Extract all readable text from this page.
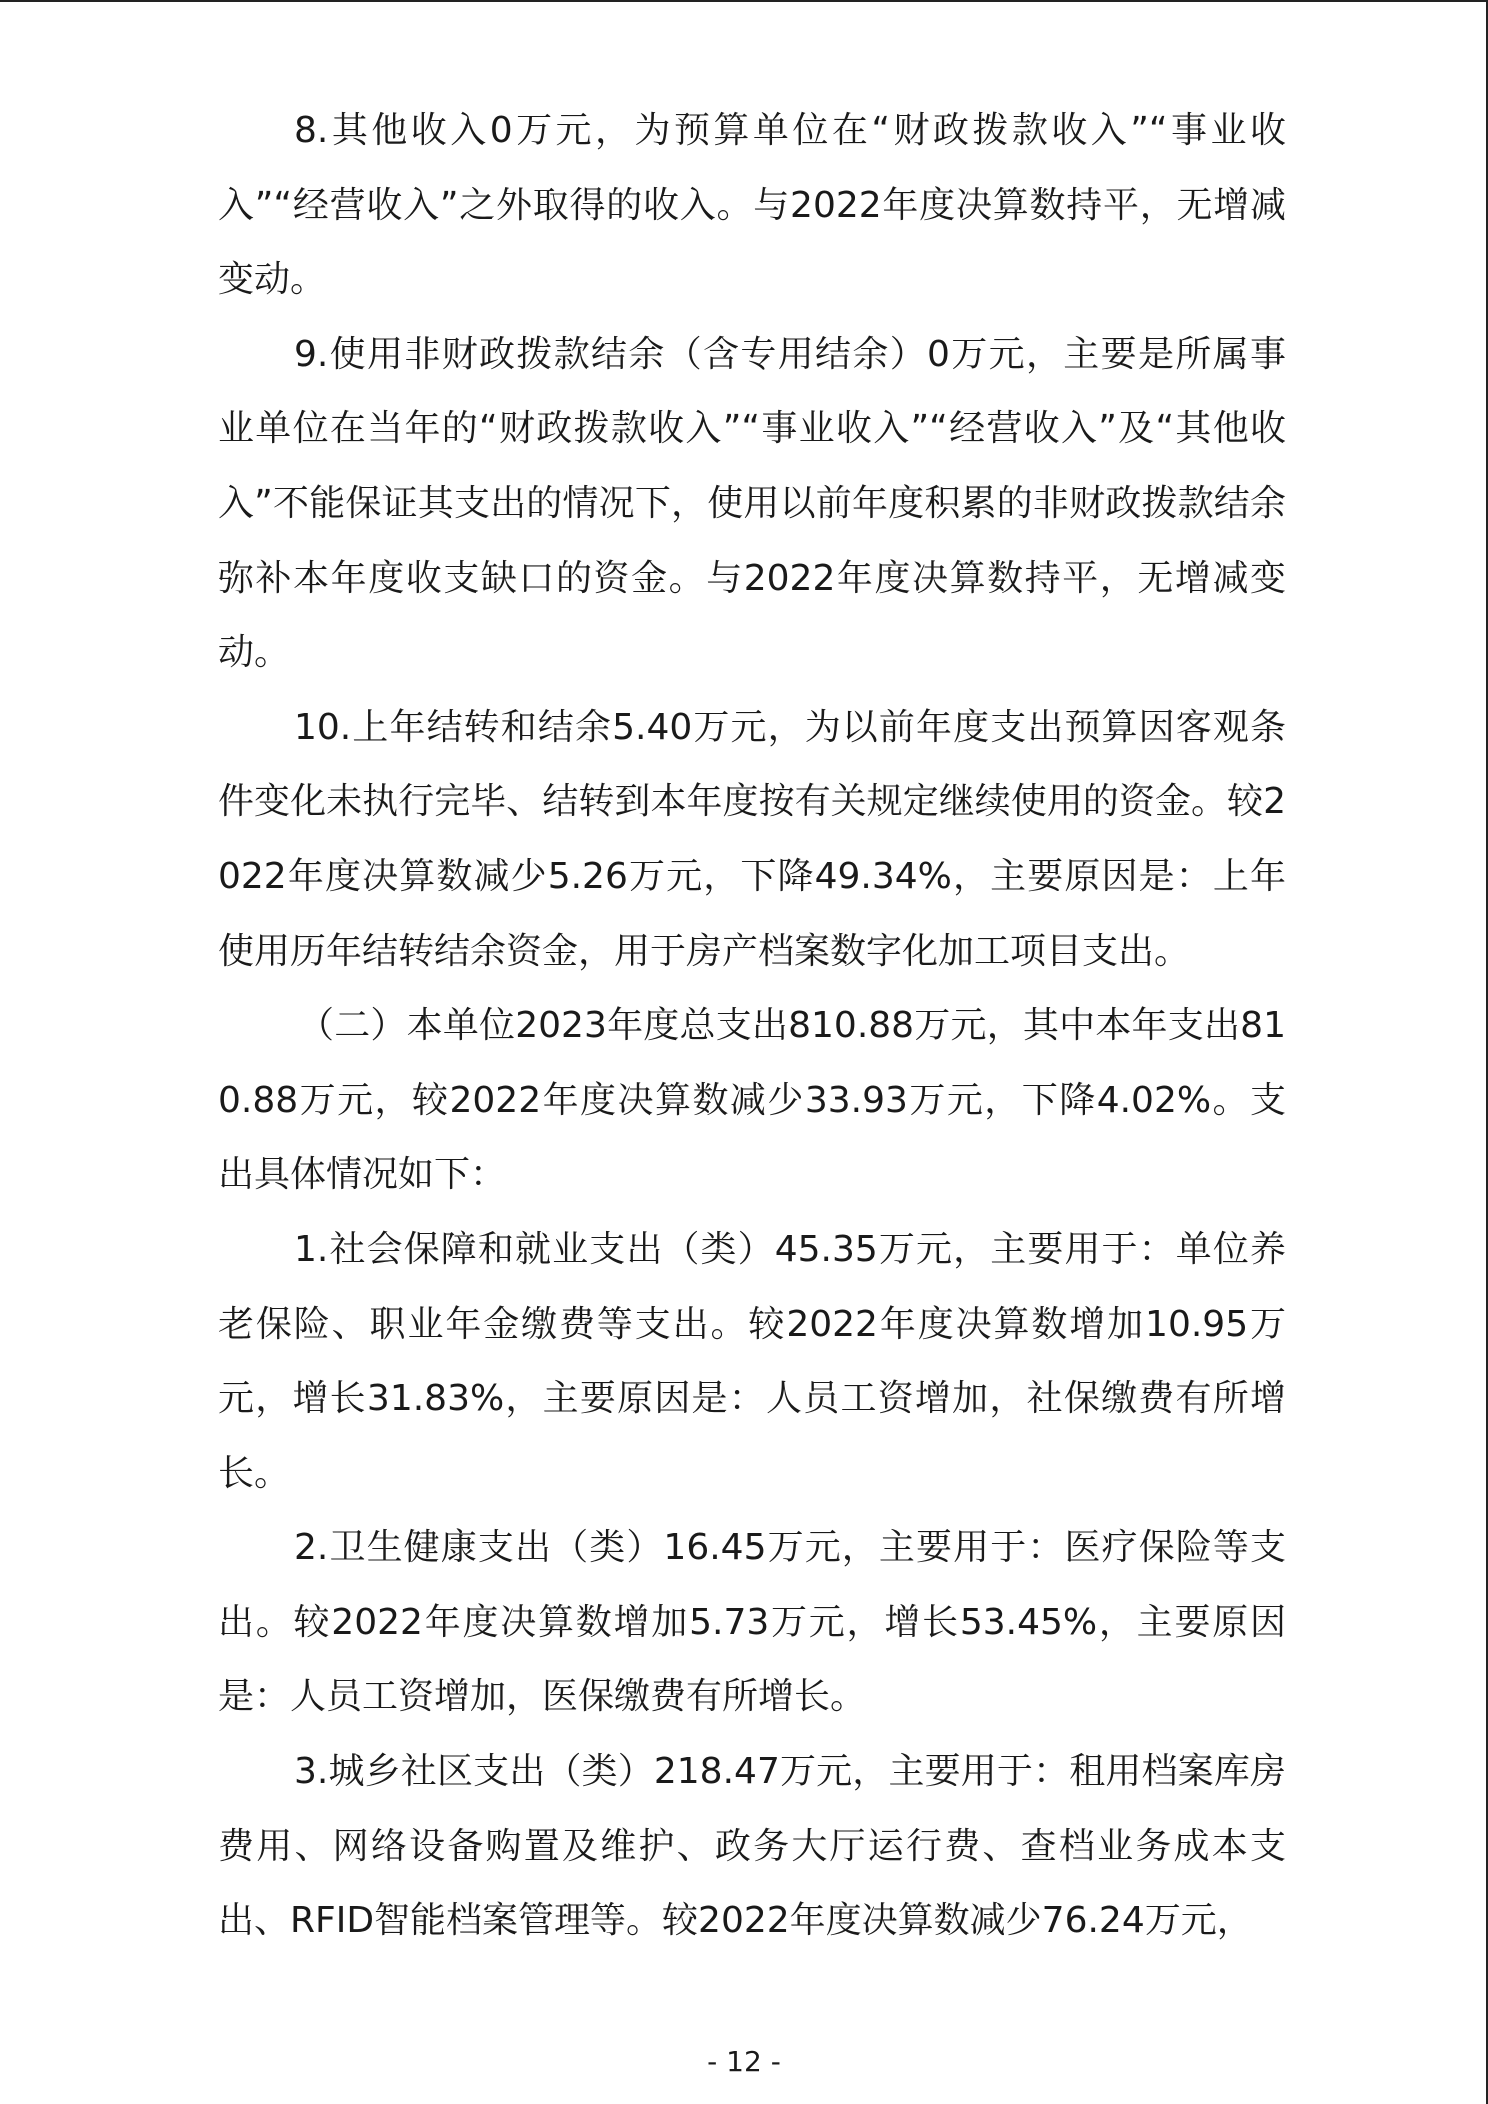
8.其他收入0万元，为预算单位在“财政拨款收入”“事业收入”“经营收入”之外取得的收入。与2022年度决算数持平，无增减变动。

9.使用非财政拨款结余（含专用结余）0万元，主要是所属事业单位在当年的“财政拨款收入”“事业收入”“经营收入”及“其他收入”不能保证其支出的情况下，使用以前年度积累的非财政拨款结余弥补本年度收支缺口的资金。与2022年度决算数持平，无增减变动。

10.上年结转和结余5.40万元，为以前年度支出预算因客观条件变化未执行完毕、结转到本年度按有关规定继续使用的资金。较2022年度决算数减少5.26万元，下降49.34%，主要原因是：上年使用历年结转结余资金，用于房产档案数字化加工项目支出。

（二）本单位2023年度总支出810.88万元，其中本年支出810.88万元，较2022年度决算数减少33.93万元，下降4.02%。支出具体情况如下：

1.社会保障和就业支出（类）45.35万元，主要用于：单位养老保险、职业年金缴费等支出。较2022年度决算数增加10.95万元，增长31.83%，主要原因是：人员工资增加，社保缴费有所增长。

2.卫生健康支出（类）16.45万元，主要用于：医疗保险等支出。较2022年度决算数增加5.73万元，增长53.45%，主要原因是：人员工资增加，医保缴费有所增长。

3.城乡社区支出（类）218.47万元，主要用于：租用档案库房费用、网络设备购置及维护、政务大厅运行费、查档业务成本支出、RFID智能档案管理等。较2022年度决算数减少76.24万元，

- 12 -
